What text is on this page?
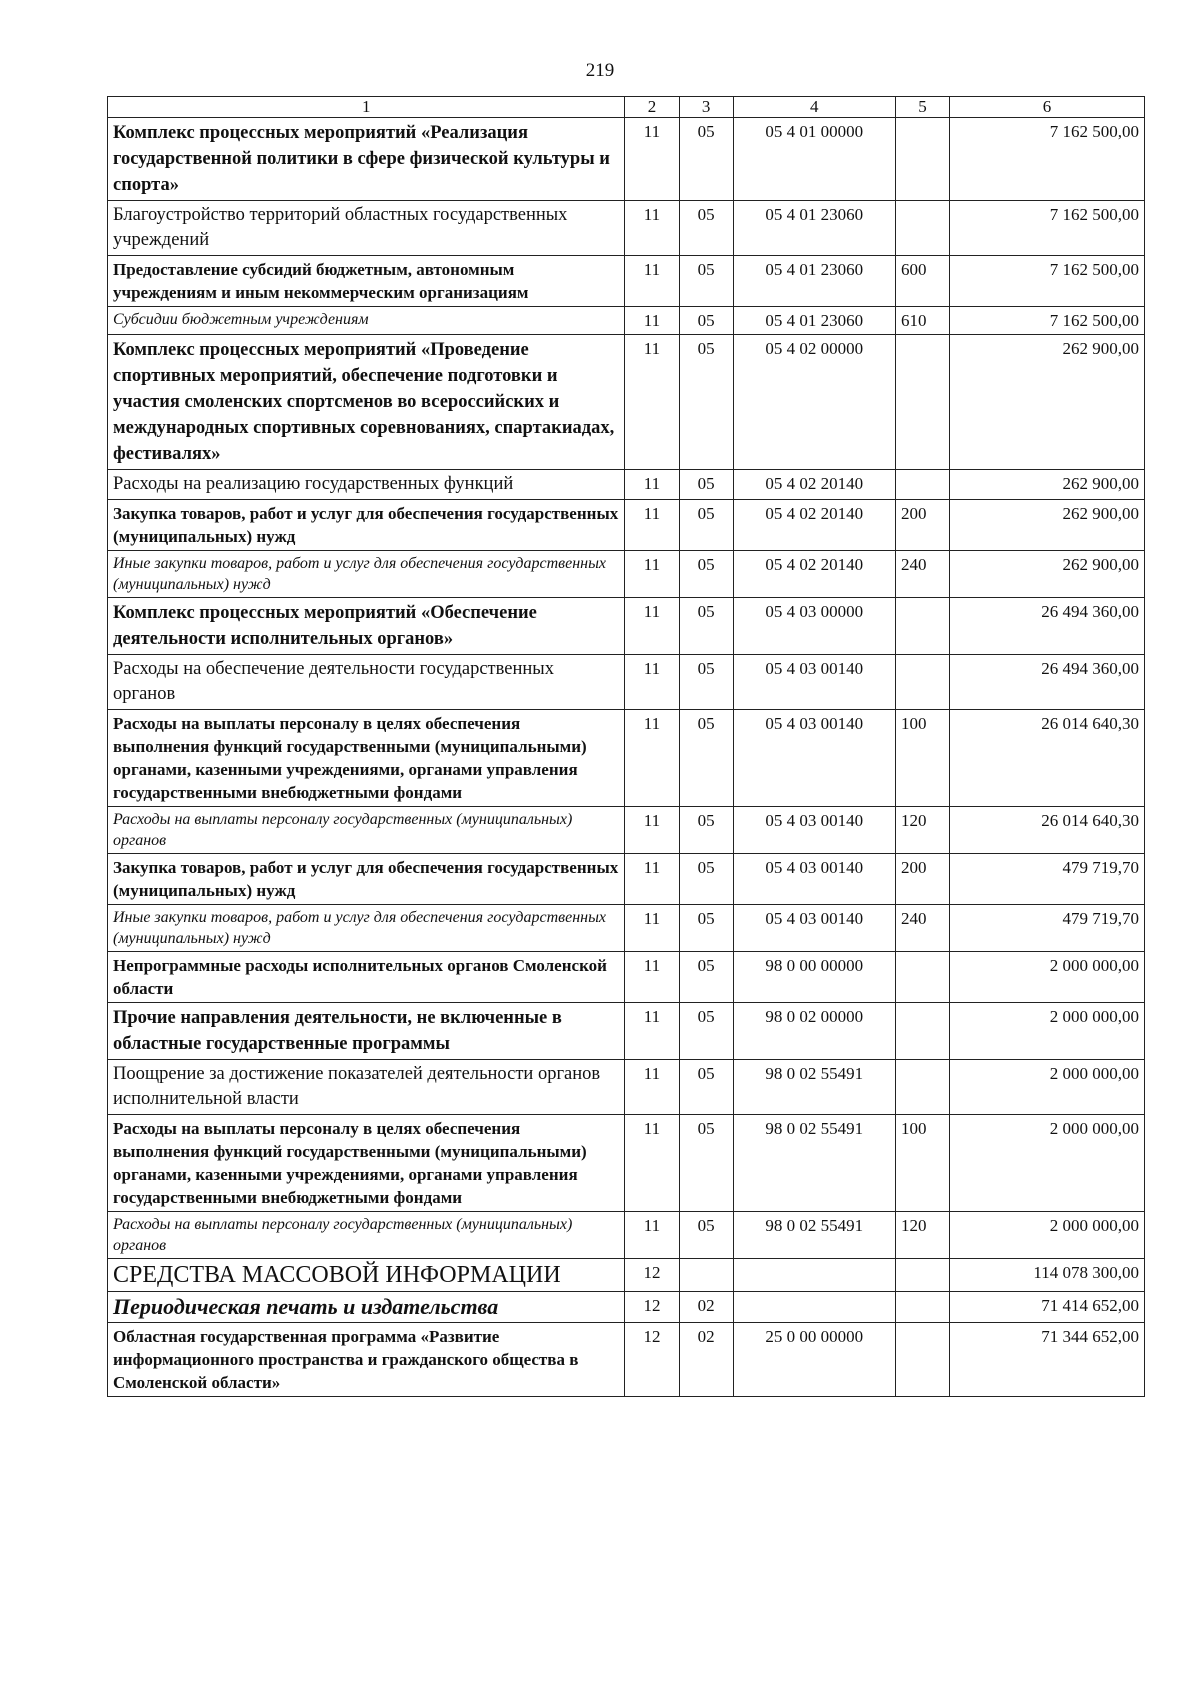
219
1	2	3	4	5	6
Комплекс процессных мероприятий «Реализация государственной политики в сфере физической культуры и спорта»	11	05	05 4 01 00000		7 162 500,00
Благоустройство территорий областных государственных учреждений	11	05	05 4 01 23060		7 162 500,00
Предоставление субсидий бюджетным, автономным учреждениям и иным некоммерческим организациям	11	05	05 4 01 23060	600	7 162 500,00
Субсидии бюджетным учреждениям	11	05	05 4 01 23060	610	7 162 500,00
Комплекс процессных мероприятий «Проведение спортивных мероприятий, обеспечение подготовки и участия смоленских спортсменов во всероссийских и международных спортивных соревнованиях, спартакиадах, фестивалях»	11	05	05 4 02 00000		262 900,00
Расходы на реализацию государственных функций	11	05	05 4 02 20140		262 900,00
Закупка товаров, работ и услуг для обеспечения государственных (муниципальных) нужд	11	05	05 4 02 20140	200	262 900,00
Иные закупки товаров, работ и услуг для обеспечения государственных (муниципальных) нужд	11	05	05 4 02 20140	240	262 900,00
Комплекс процессных мероприятий «Обеспечение деятельности исполнительных органов»	11	05	05 4 03 00000		26 494 360,00
Расходы на обеспечение деятельности государственных органов	11	05	05 4 03 00140		26 494 360,00
Расходы на выплаты персоналу в целях обеспечения выполнения функций государственными (муниципальными) органами, казенными учреждениями, органами управления государственными внебюджетными фондами	11	05	05 4 03 00140	100	26 014 640,30
Расходы на выплаты персоналу государственных (муниципальных) органов	11	05	05 4 03 00140	120	26 014 640,30
Закупка товаров, работ и услуг для обеспечения государственных (муниципальных) нужд	11	05	05 4 03 00140	200	479 719,70
Иные закупки товаров, работ и услуг для обеспечения государственных (муниципальных) нужд	11	05	05 4 03 00140	240	479 719,70
Непрограммные расходы исполнительных органов Смоленской области	11	05	98 0 00 00000		2 000 000,00
Прочие направления деятельности, не включенные в областные государственные программы	11	05	98 0 02 00000		2 000 000,00
Поощрение за достижение показателей деятельности органов исполнительной власти	11	05	98 0 02 55491		2 000 000,00
Расходы на выплаты персоналу в целях обеспечения выполнения функций государственными (муниципальными) органами, казенными учреждениями, органами управления государственными внебюджетными фондами	11	05	98 0 02 55491	100	2 000 000,00
Расходы на выплаты персоналу государственных (муниципальных) органов	11	05	98 0 02 55491	120	2 000 000,00
СРЕДСТВА МАССОВОЙ ИНФОРМАЦИИ	12				114 078 300,00
Периодическая печать и издательства	12	02			71 414 652,00
Областная государственная программа «Развитие информационного пространства и гражданского общества в Смоленской области»	12	02	25 0 00 00000		71 344 652,00
